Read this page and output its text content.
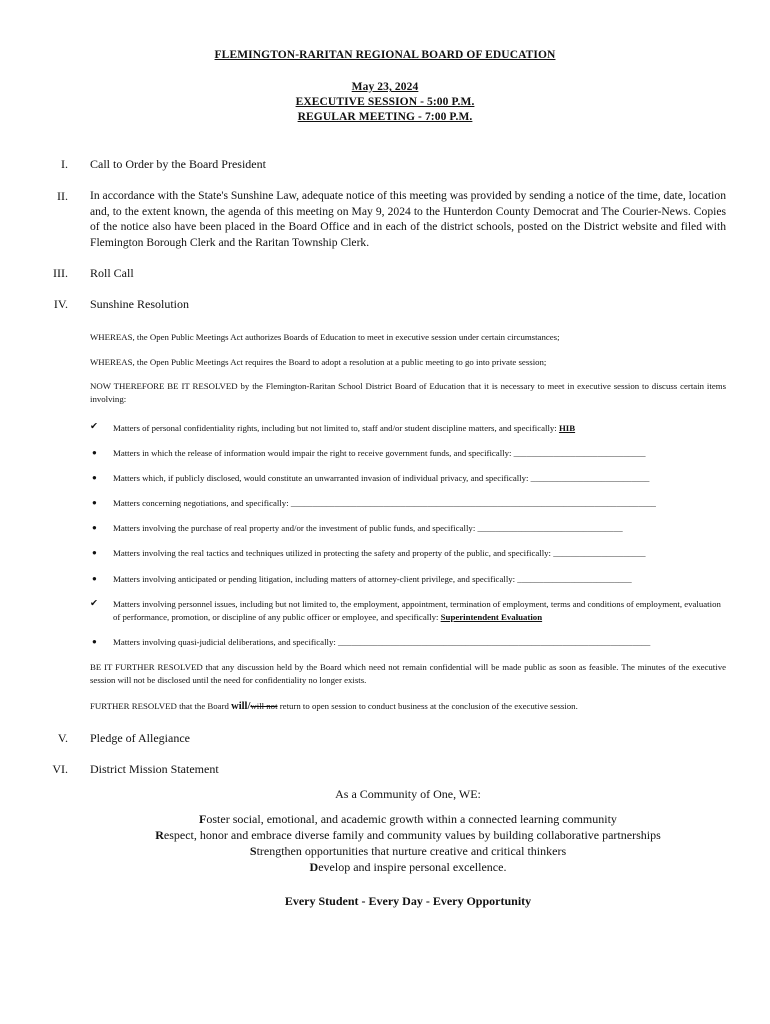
FLEMINGTON-RARITAN REGIONAL BOARD OF EDUCATION
May 23, 2024
EXECUTIVE SESSION - 5:00 P.M.
REGULAR MEETING - 7:00 P.M.
I. Call to Order by the Board President
II. In accordance with the State's Sunshine Law, adequate notice of this meeting was provided by sending a notice of the time, date, location and, to the extent known, the agenda of this meeting on May 9, 2024 to the Hunterdon County Democrat and The Courier-News. Copies of the notice also have been placed in the Board Office and in each of the district schools, posted on the District website and filed with Flemington Borough Clerk and the Raritan Township Clerk.
III. Roll Call
IV. Sunshine Resolution
WHEREAS, the Open Public Meetings Act authorizes Boards of Education to meet in executive session under certain circumstances;
WHEREAS, the Open Public Meetings Act requires the Board to adopt a resolution at a public meeting to go into private session;
NOW THEREFORE BE IT RESOLVED by the Flemington-Raritan School District Board of Education that it is necessary to meet in executive session to discuss certain items involving:
✔	Matters of personal confidentiality rights, including but not limited to, staff and/or student discipline matters, and specifically: HIB
●	Matters in which the release of information would impair the right to receive government funds, and specifically: ______________________________
●	Matters which, if publicly disclosed, would constitute an unwarranted invasion of individual privacy, and specifically: ___________________________
●	Matters concerning negotiations, and specifically: ___________________________________________________________________________________
●	Matters involving the purchase of real property and/or the investment of public funds, and specifically: _________________________________
●	Matters involving the real tactics and techniques utilized in protecting the safety and property of the public, and specifically: _____________________
●	Matters involving anticipated or pending litigation, including matters of attorney-client privilege, and specifically: __________________________
✔	Matters involving personnel issues, including but not limited to, the employment, appointment, termination of employment, terms and conditions of employment, evaluation of performance, promotion, or discipline of any public officer or employee, and specifically: Superintendent Evaluation
●	Matters involving quasi-judicial deliberations, and specifically: _______________________________________________________________________
BE IT FURTHER RESOLVED that any discussion held by the Board which need not remain confidential will be made public as soon as feasible. The minutes of the executive session will not be disclosed until the need for confidentiality no longer exists.
FURTHER RESOLVED that the Board will/will not return to open session to conduct business at the conclusion of the executive session.
V. Pledge of Allegiance
VI. District Mission Statement
As a Community of One, WE:
Foster social, emotional, and academic growth within a connected learning community
Respect, honor and embrace diverse family and community values by building collaborative partnerships
Strengthen opportunities that nurture creative and critical thinkers
Develop and inspire personal excellence.
Every Student - Every Day - Every Opportunity
